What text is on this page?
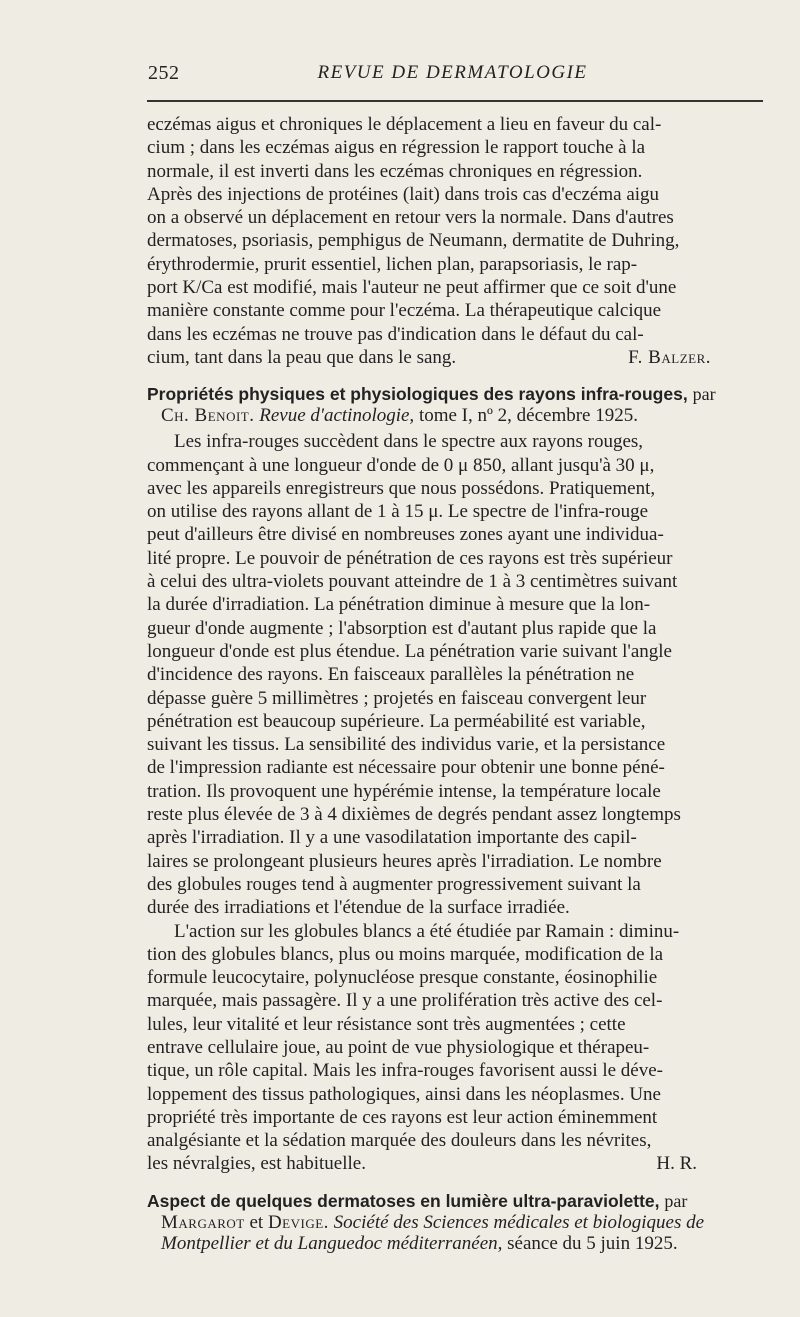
252	REVUE DE DERMATOLOGIE

eczémas aigus et chroniques le déplacement a lieu en faveur du cal-

cium ; dans les eczémas aigus en régression le rapport touche à la

normale, il est inverti dans les eczémas chroniques en régression.

Après des injections de protéines (lait) dans trois cas d'eczéma aigu

on a observé un déplacement en retour vers la normale. Dans d'autres

dermatoses, psoriasis, pemphigus de Neumann, dermatite de Duhring,

érythrodermie, prurit essentiel, lichen plan, parapsoriasis, le rap-

port K/Ca est modifié, mais l'auteur ne peut affirmer que ce soit d'une

manière constante comme pour l'eczéma. La thérapeutique calcique

dans les eczémas ne trouve pas d'indication dans le défaut du cal-

cium, tant dans la peau que dans le sang.	F. Balzer.

Propriétés physiques et physiologiques des rayons infra-rouges, par

Ch. Benoit. Revue d'actinologie, tome I, nº 2, décembre 1925.

Les infra-rouges succèdent dans le spectre aux rayons rouges,

commençant à une longueur d'onde de 0 μ 850, allant jusqu'à 30 μ,

avec les appareils enregistreurs que nous possédons. Pratiquement,

on utilise des rayons allant de 1 à 15 μ. Le spectre de l'infra-rouge

peut d'ailleurs être divisé en nombreuses zones ayant une individua-

lité propre. Le pouvoir de pénétration de ces rayons est très supérieur

à celui des ultra-violets pouvant atteindre de 1 à 3 centimètres suivant

la durée d'irradiation. La pénétration diminue à mesure que la lon-

gueur d'onde augmente ; l'absorption est d'autant plus rapide que la

longueur d'onde est plus étendue. La pénétration varie suivant l'angle

d'incidence des rayons. En faisceaux parallèles la pénétration ne

dépasse guère 5 millimètres ; projetés en faisceau convergent leur

pénétration est beaucoup supérieure. La perméabilité est variable,

suivant les tissus. La sensibilité des individus varie, et la persistance

de l'impression radiante est nécessaire pour obtenir une bonne péné-

tration. Ils provoquent une hypérémie intense, la température locale

reste plus élevée de 3 à 4 dixièmes de degrés pendant assez longtemps

après l'irradiation. Il y a une vasodilatation importante des capil-

laires se prolongeant plusieurs heures après l'irradiation. Le nombre

des globules rouges tend à augmenter progressivement suivant la

durée des irradiations et l'étendue de la surface irradiée.

L'action sur les globules blancs a été étudiée par Ramain : diminu-

tion des globules blancs, plus ou moins marquée, modification de la

formule leucocytaire, polynucléose presque constante, éosinophilie

marquée, mais passagère. Il y a une prolifération très active des cel-

lules, leur vitalité et leur résistance sont très augmentées ; cette

entrave cellulaire joue, au point de vue physiologique et thérapeu-

tique, un rôle capital. Mais les infra-rouges favorisent aussi le déve-

loppement des tissus pathologiques, ainsi dans les néoplasmes. Une

propriété très importante de ces rayons est leur action éminemment

analgésiante et la sédation marquée des douleurs dans les névrites,

les névralgies, est habituelle.	H. R.

Aspect de quelques dermatoses en lumière ultra-paraviolette, par

Margarot et Devige. Société des Sciences médicales et biologiques de
Montpellier et du Languedoc méditerranéen, séance du 5 juin 1925.
